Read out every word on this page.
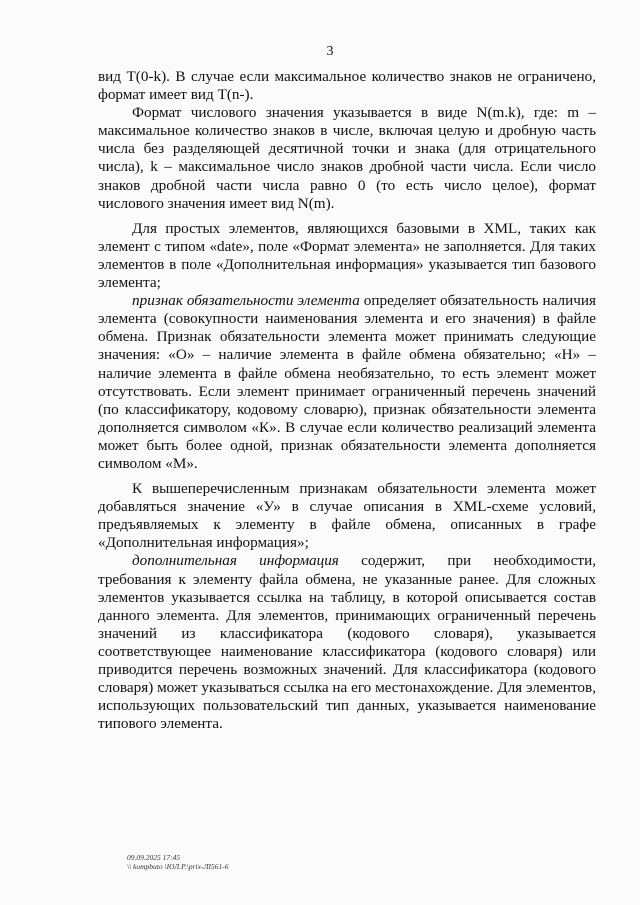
3

вид T(0-k). В случае если максимальное количество знаков не ограничено, формат имеет вид T(n-).

Формат числового значения указывается в виде N(m.k), где: m – максимальное количество знаков в числе, включая целую и дробную часть числа без разделяющей десятичной точки и знака (для отрицательного числа), k – максимальное число знаков дробной части числа. Если число знаков дробной части числа равно 0 (то есть число целое), формат числового значения имеет вид N(m).

Для простых элементов, являющихся базовыми в XML, таких как элемент с типом «date», поле «Формат элемента» не заполняется. Для таких элементов в поле «Дополнительная информация» указывается тип базового элемента;

признак обязательности элемента определяет обязательность наличия элемента (совокупности наименования элемента и его значения) в файле обмена. Признак обязательности элемента может принимать следующие значения: «О» – наличие элемента в файле обмена обязательно; «Н» – наличие элемента в файле обмена необязательно, то есть элемент может отсутствовать. Если элемент принимает ограниченный перечень значений (по классификатору, кодовому словарю), признак обязательности элемента дополняется символом «К». В случае если количество реализаций элемента может быть более одной, признак обязательности элемента дополняется символом «М».

К вышеперечисленным признакам обязательности элемента может добавляться значение «У» в случае описания в XML-схеме условий, предъявляемых к элементу в файле обмена, описанных в графе «Дополнительная информация»;

дополнительная информация содержит, при необходимости, требования к элементу файла обмена, не указанные ранее. Для сложных элементов указывается ссылка на таблицу, в которой описывается состав данного элемента. Для элементов, принимающих ограниченный перечень значений из классификатора (кодового словаря), указывается соответствующее наименование классификатора (кодового словаря) или приводится перечень возможных значений. Для классификатора (кодового словаря) может указываться ссылка на его местонахождение. Для элементов, использующих пользовательский тип данных, указывается наименование типового элемента.

09.09.2025 17:45
\\ kompbuto \ЮЛ.Р.\prix-ЛI561-6
